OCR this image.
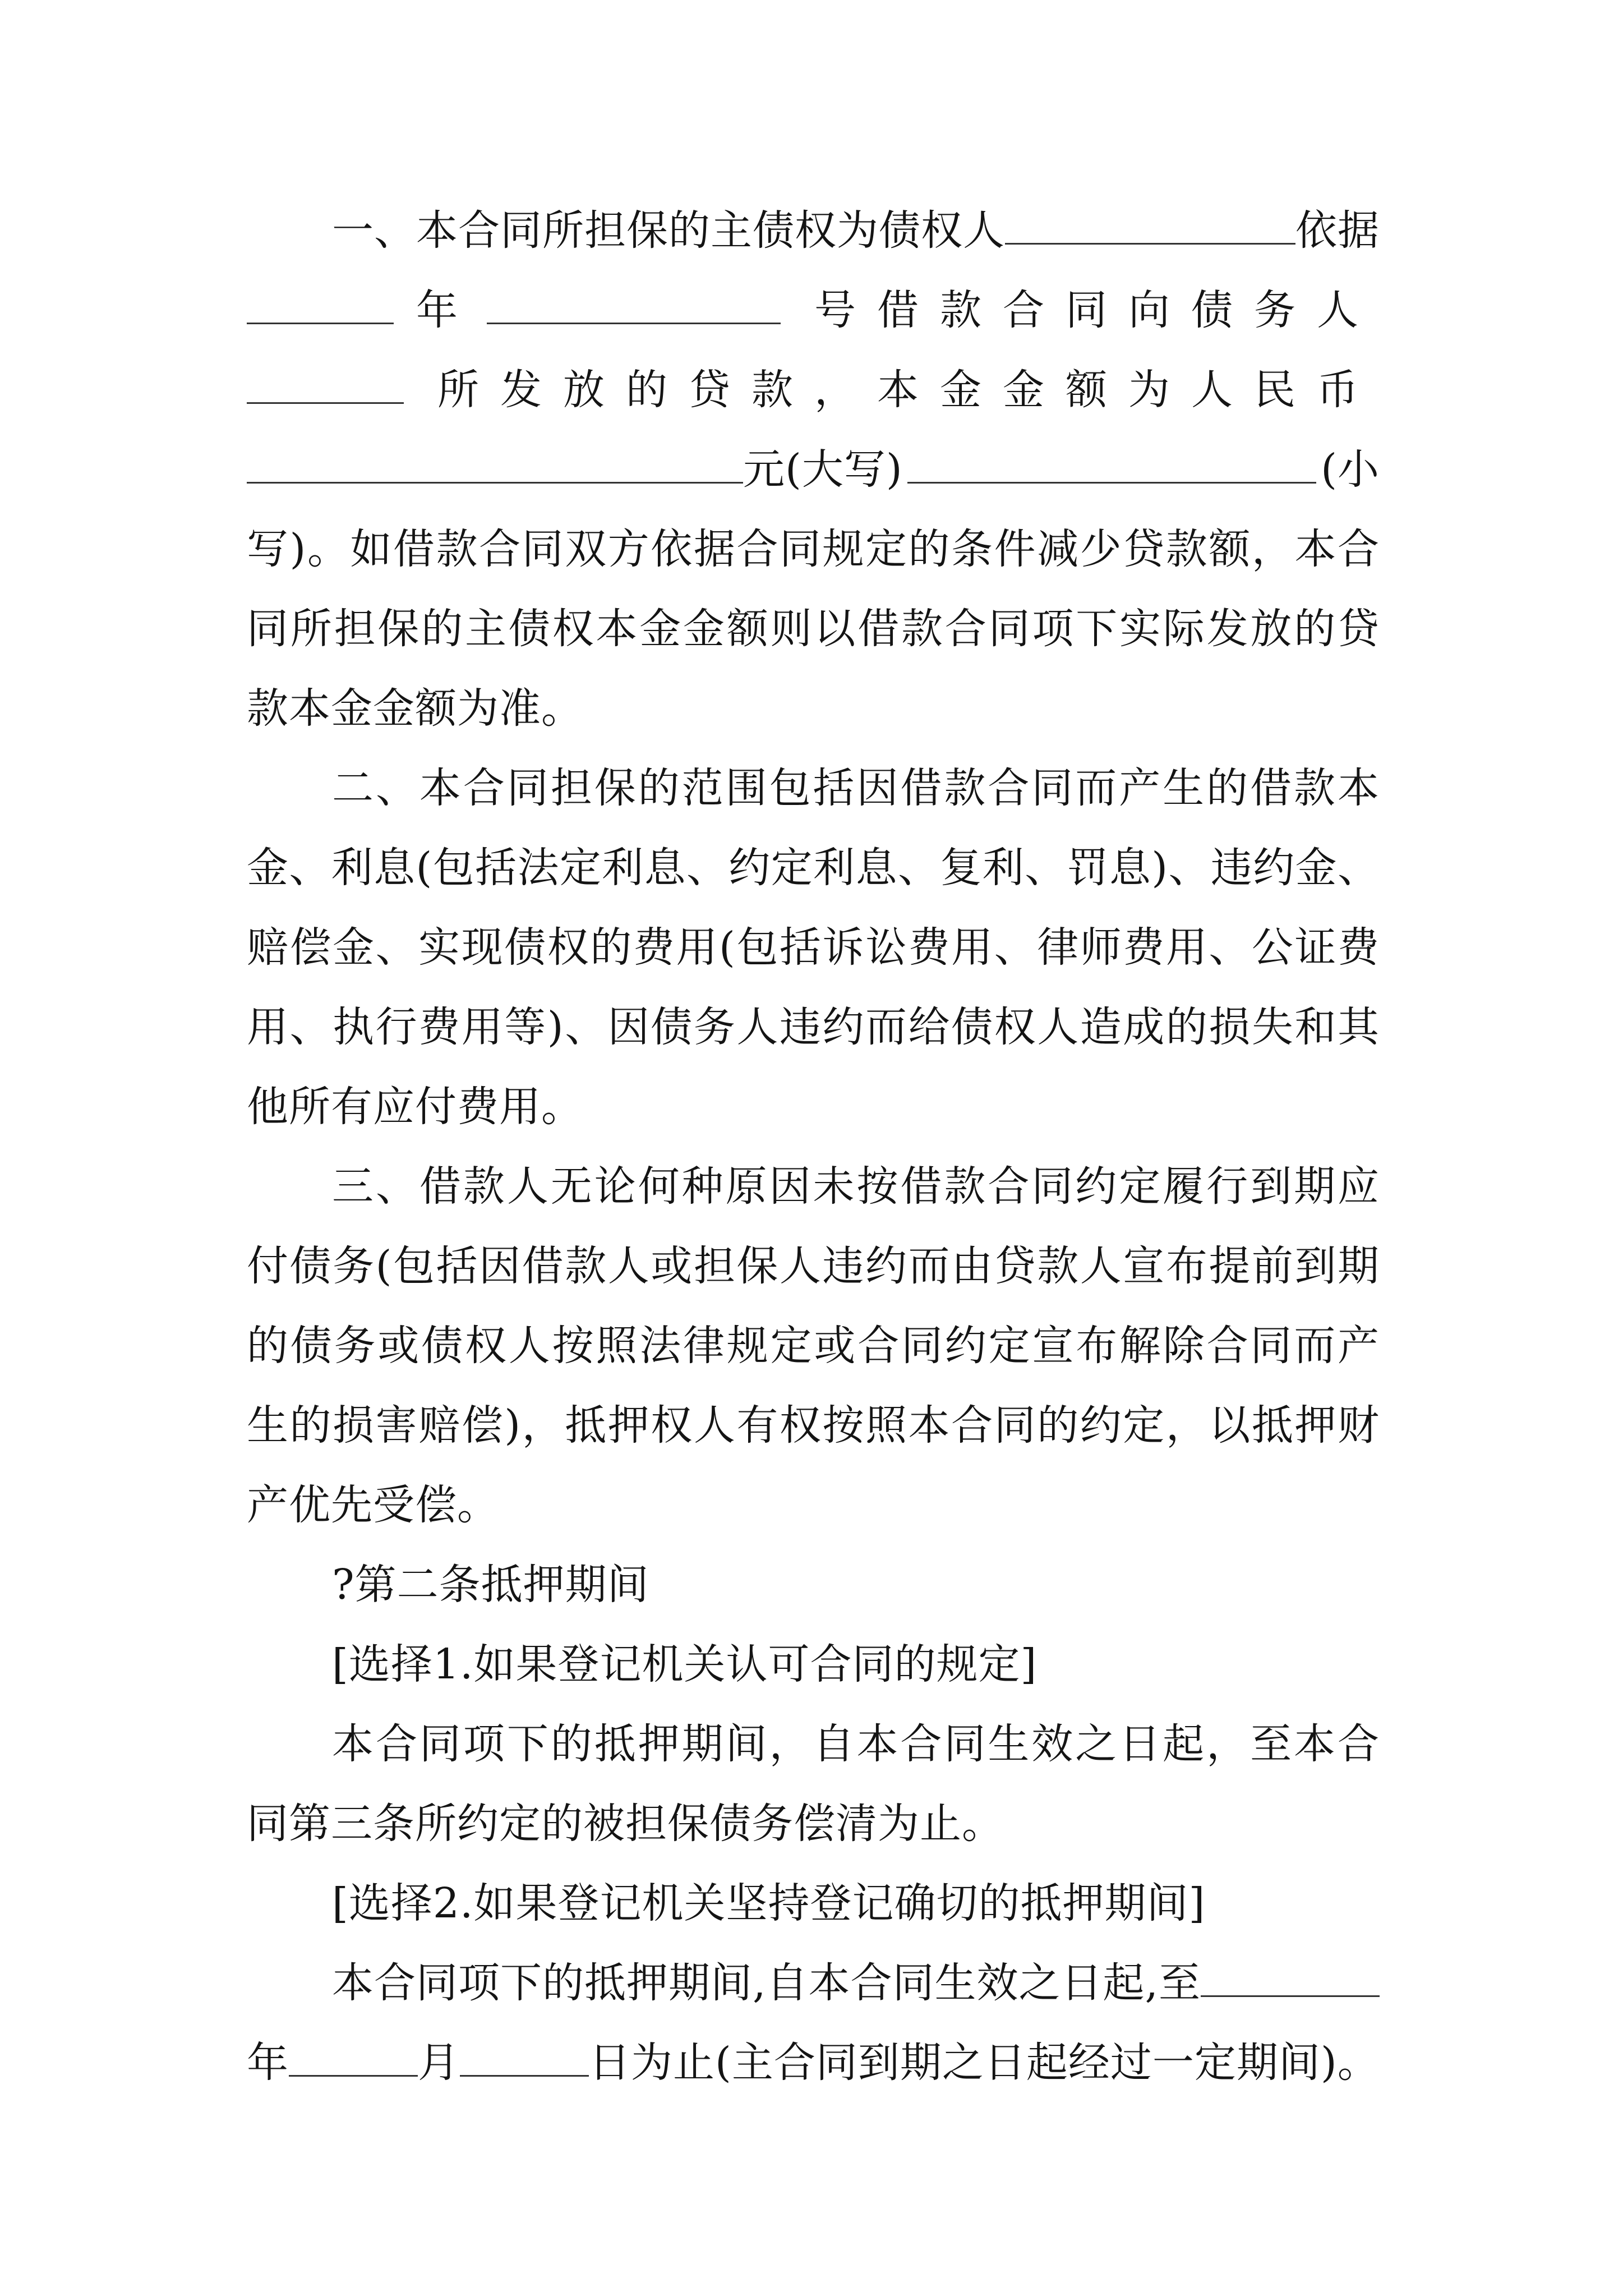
一、本合同所担保的主债权为债权人	依据
年	号借款合同向债务人
所发放的贷款，本金金额为人民币
元(大写)	(小

写)。如借款合同双方依据合同规定的条件减少贷款额，本合同所担保的主债权本金金额则以借款合同项下实际发放的贷款本金金额为准。

二、本合同担保的范围包括因借款合同而产生的借款本金、利息(包括法定利息、约定利息、复利、罚息)、违约金、赔偿金、实现债权的费用(包括诉讼费用、律师费用、公证费用、执行费用等)、因债务人违约而给债权人造成的损失和其他所有应付费用。

三、借款人无论何种原因未按借款合同约定履行到期应付债务(包括因借款人或担保人违约而由贷款人宣布提前到期的债务或债权人按照法律规定或合同约定宣布解除合同而产生的损害赔偿)，抵押权人有权按照本合同的约定，以抵押财产优先受偿。

?第二条抵押期间

[选择1.如果登记机关认可合同的规定]

本合同项下的抵押期间，自本合同生效之日起，至本合同第三条所约定的被担保债务偿清为止。

[选择2.如果登记机关坚持登记确切的抵押期间]

本合同项下的抵押期间,自本合同生效之日起,至
年	月	日为止(主合同到期之日起经过一定期间)。
